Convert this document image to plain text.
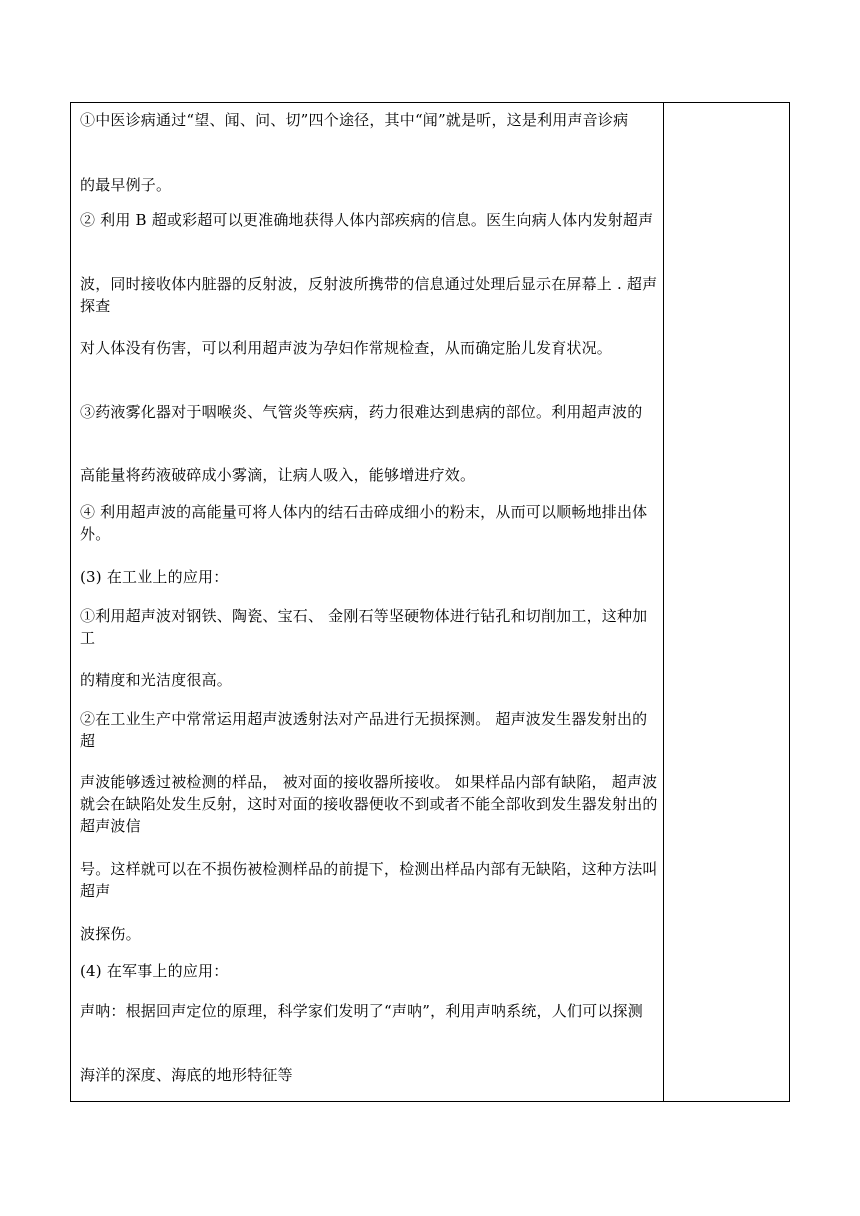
①中医诊病通过“望、闻、问、切”四个途径，其中“闻”就是听，这是利用声音诊病

的最早例子。

② 利用 B 超或彩超可以更准确地获得人体内部疾病的信息。医生向病人体内发射超声

波，同时接收体内脏器的反射波，反射波所携带的信息通过处理后显示在屏幕上 . 超声探查

对人体没有伤害，可以利用超声波为孕妇作常规检查，从而确定胎儿发育状况。

③药液雾化器对于咽喉炎、气管炎等疾病，药力很难达到患病的部位。利用超声波的

高能量将药液破碎成小雾滴，让病人吸入，能够增进疗效。

④ 利用超声波的高能量可将人体内的结石击碎成细小的粉末，从而可以顺畅地排出体外。

(3) 在工业上的应用：

①利用超声波对钢铁、陶瓷、宝石、 金刚石等坚硬物体进行钻孔和切削加工，这种加工

的精度和光洁度很高。

②在工业生产中常常运用超声波透射法对产品进行无损探测。 超声波发生器发射出的超

声波能够透过被检测的样品， 被对面的接收器所接收。 如果样品内部有缺陷， 超声波就会在缺陷处发生反射，这时对面的接收器便收不到或者不能全部收到发生器发射出的超声波信

号。这样就可以在不损伤被检测样品的前提下，检测出样品内部有无缺陷，这种方法叫超声

波探伤。

(4) 在军事上的应用：

声呐：根据回声定位的原理，科学家们发明了“声呐”，利用声呐系统，人们可以探测

海洋的深度、海底的地形特征等
